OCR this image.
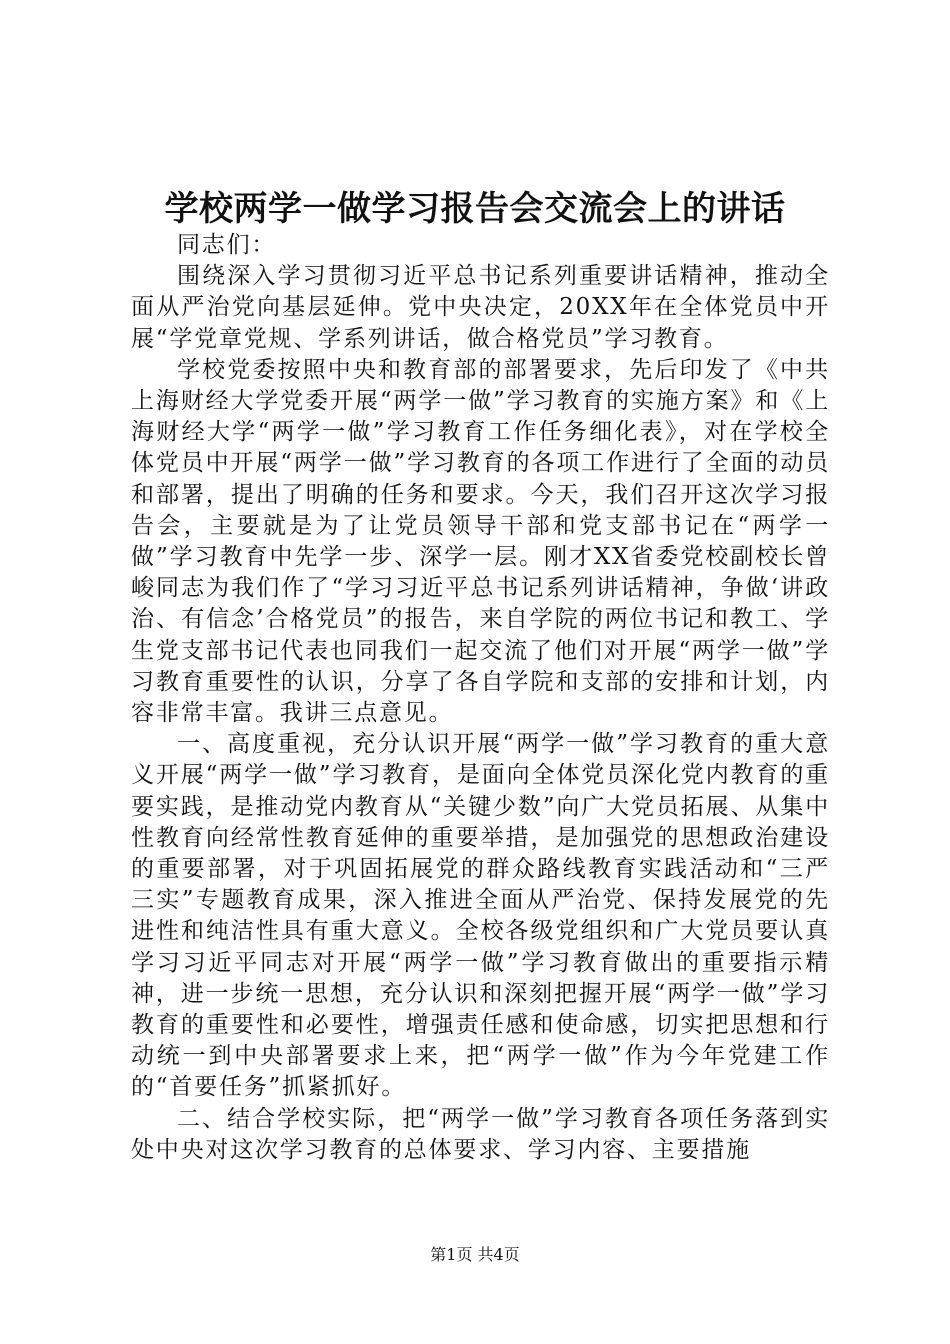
学校两学一做学习报告会交流会上的讲话

同志们：

围绕深入学习贯彻习近平总书记系列重要讲话精神，推动全面从严治党向基层延伸。党中央决定，20XX年在全体党员中开展“学党章党规、学系列讲话，做合格党员”学习教育。

学校党委按照中央和教育部的部署要求，先后印发了《中共上海财经大学党委开展“两学一做”学习教育的实施方案》和《上海财经大学“两学一做”学习教育工作任务细化表》，对在学校全体党员中开展“两学一做”学习教育的各项工作进行了全面的动员和部署，提出了明确的任务和要求。今天，我们召开这次学习报告会，主要就是为了让党员领导干部和党支部书记在“两学一做”学习教育中先学一步、深学一层。刚才XX省委党校副校长曾峻同志为我们作了“学习习近平总书记系列讲话精神，争做‘讲政治、有信念’合格党员”的报告，来自学院的两位书记和教工、学生党支部书记代表也同我们一起交流了他们对开展“两学一做”学习教育重要性的认识，分享了各自学院和支部的安排和计划，内容非常丰富。我讲三点意见。

一、高度重视，充分认识开展“两学一做”学习教育的重大意义开展“两学一做”学习教育，是面向全体党员深化党内教育的重要实践，是推动党内教育从“关键少数”向广大党员拓展、从集中性教育向经常性教育延伸的重要举措，是加强党的思想政治建设的重要部署，对于巩固拓展党的群众路线教育实践活动和“三严三实”专题教育成果，深入推进全面从严治党、保持发展党的先进性和纯洁性具有重大意义。全校各级党组织和广大党员要认真学习习近平同志对开展“两学一做”学习教育做出的重要指示精神，进一步统一思想，充分认识和深刻把握开展“两学一做”学习教育的重要性和必要性，增强责任感和使命感，切实把思想和行动统一到中央部署要求上来，把“两学一做”作为今年党建工作的“首要任务”抓紧抓好。

二、结合学校实际，把“两学一做”学习教育各项任务落到实处中央对这次学习教育的总体要求、学习内容、主要措施

第1页 共4页
